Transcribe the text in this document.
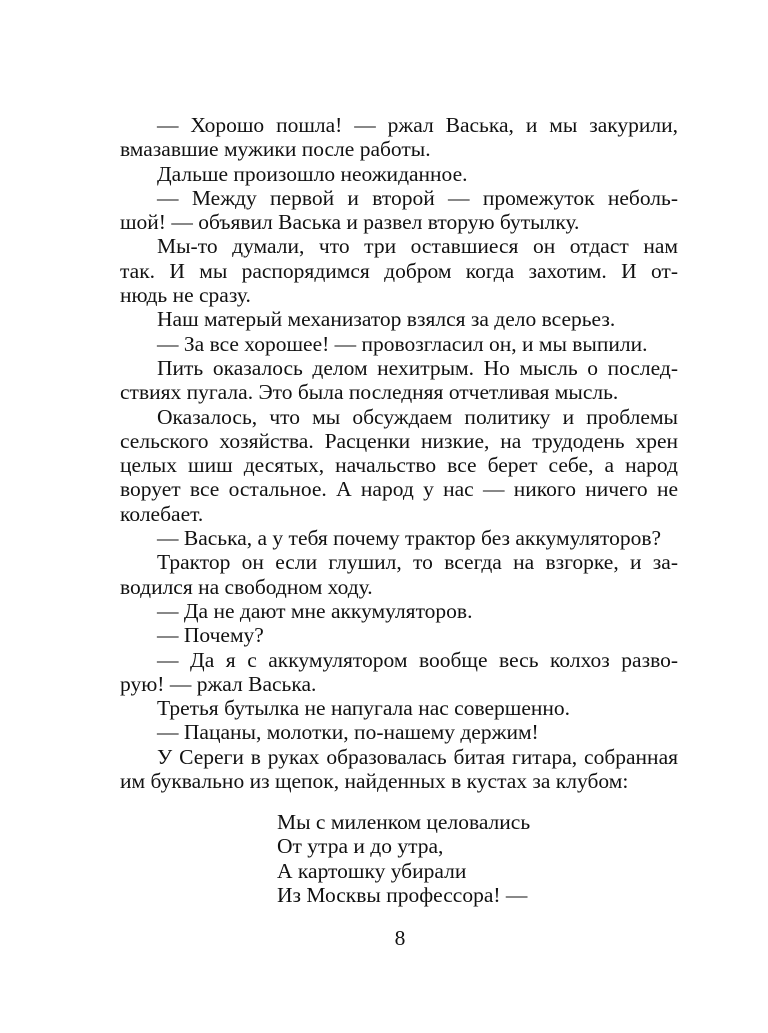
— Хорошо пошла! — ржал Васька, и мы закурили,
вмазавшие мужики после работы.
Дальше произошло неожиданное.
— Между первой и второй — промежуток неболь-
шой! — объявил Васька и развел вторую бутылку.
Мы-то думали, что три оставшиеся он отдаст нам
так. И мы распорядимся добром когда захотим. И от-
нюдь не сразу.
Наш матерый механизатор взялся за дело всерьез.
— За все хорошее! — провозгласил он, и мы выпили.
Пить оказалось делом нехитрым. Но мысль о послед-
ствиях пугала. Это была последняя отчетливая мысль.
Оказалось, что мы обсуждаем политику и проблемы
сельского хозяйства. Расценки низкие, на трудодень хрен
целых шиш десятых, начальство все берет себе, а народ
ворует все остальное. А народ у нас — никого ничего не
колебает.
— Васька, а у тебя почему трактор без аккумуляторов?
Трактор он если глушил, то всегда на взгорке, и за-
водился на свободном ходу.
— Да не дают мне аккумуляторов.
— Почему?
— Да я с аккумулятором вообще весь колхоз разво-
рую! — ржал Васька.
Третья бутылка не напугала нас совершенно.
— Пацаны, молотки, по-нашему держим!
У Сереги в руках образовалась битая гитара, собранная
им буквально из щепок, найденных в кустах за клубом:
Мы с миленком целовались
От утра и до утра,
А картошку убирали
Из Москвы профессора! —
8
